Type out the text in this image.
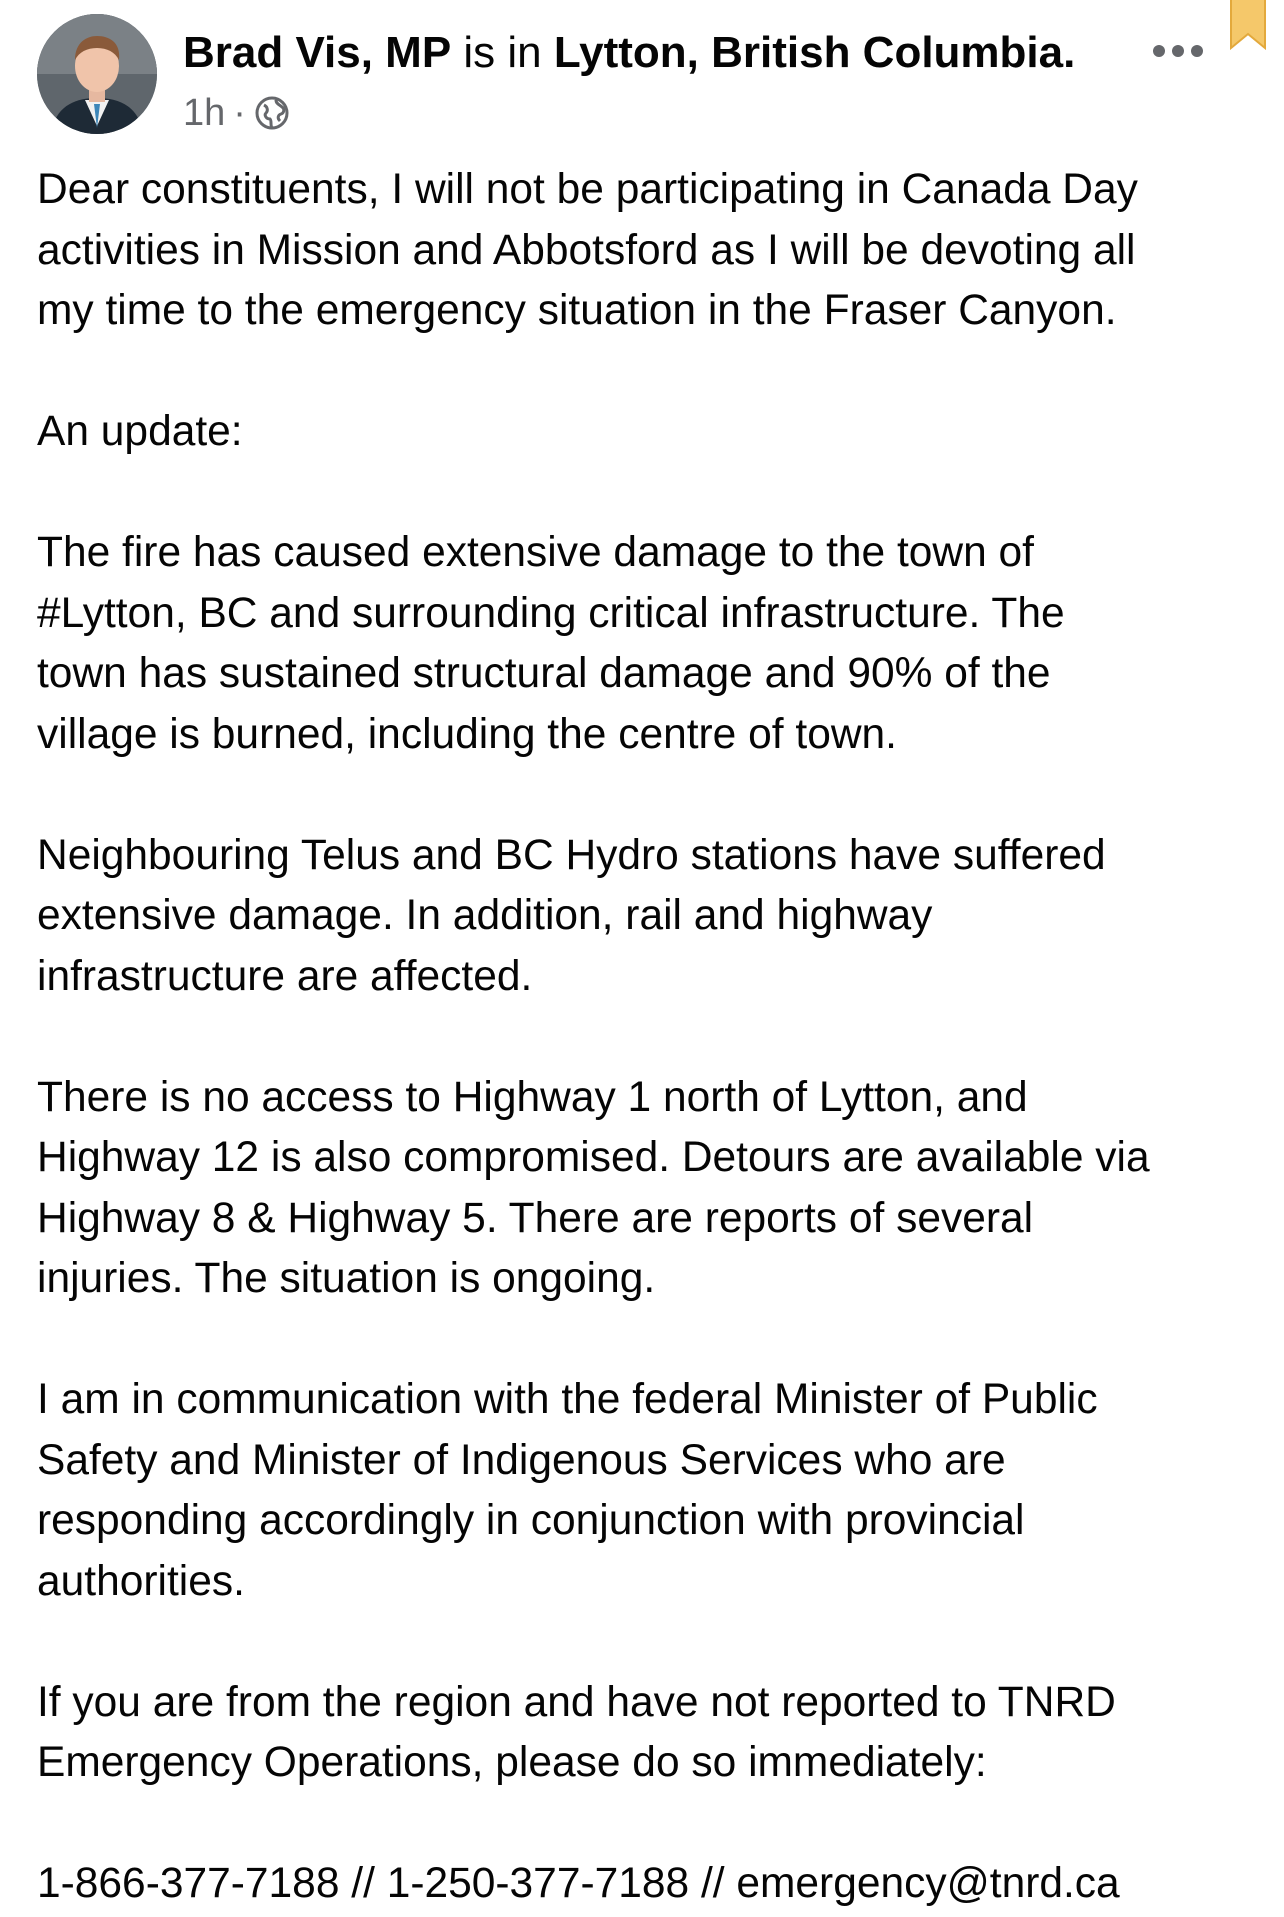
Brad Vis, MP is in Lytton, British Columbia.
1h ·

Dear constituents, I will not be participating in Canada Day
activities in Mission and Abbotsford as I will be devoting all
my time to the emergency situation in the Fraser Canyon.

An update:

The fire has caused extensive damage to the town of
#Lytton, BC and surrounding critical infrastructure. The
town has sustained structural damage and 90% of the
village is burned, including the centre of town.

Neighbouring Telus and BC Hydro stations have suffered
extensive damage. In addition, rail and highway
infrastructure are affected.

There is no access to Highway 1 north of Lytton, and
Highway 12 is also compromised. Detours are available via
Highway 8 & Highway 5. There are reports of several
injuries. The situation is ongoing.

I am in communication with the federal Minister of Public
Safety and Minister of Indigenous Services who are
responding accordingly in conjunction with provincial
authorities.

If you are from the region and have not reported to TNRD
Emergency Operations, please do so immediately:

1-866-377-7188 // 1-250-377-7188 // emergency@tnrd.ca
